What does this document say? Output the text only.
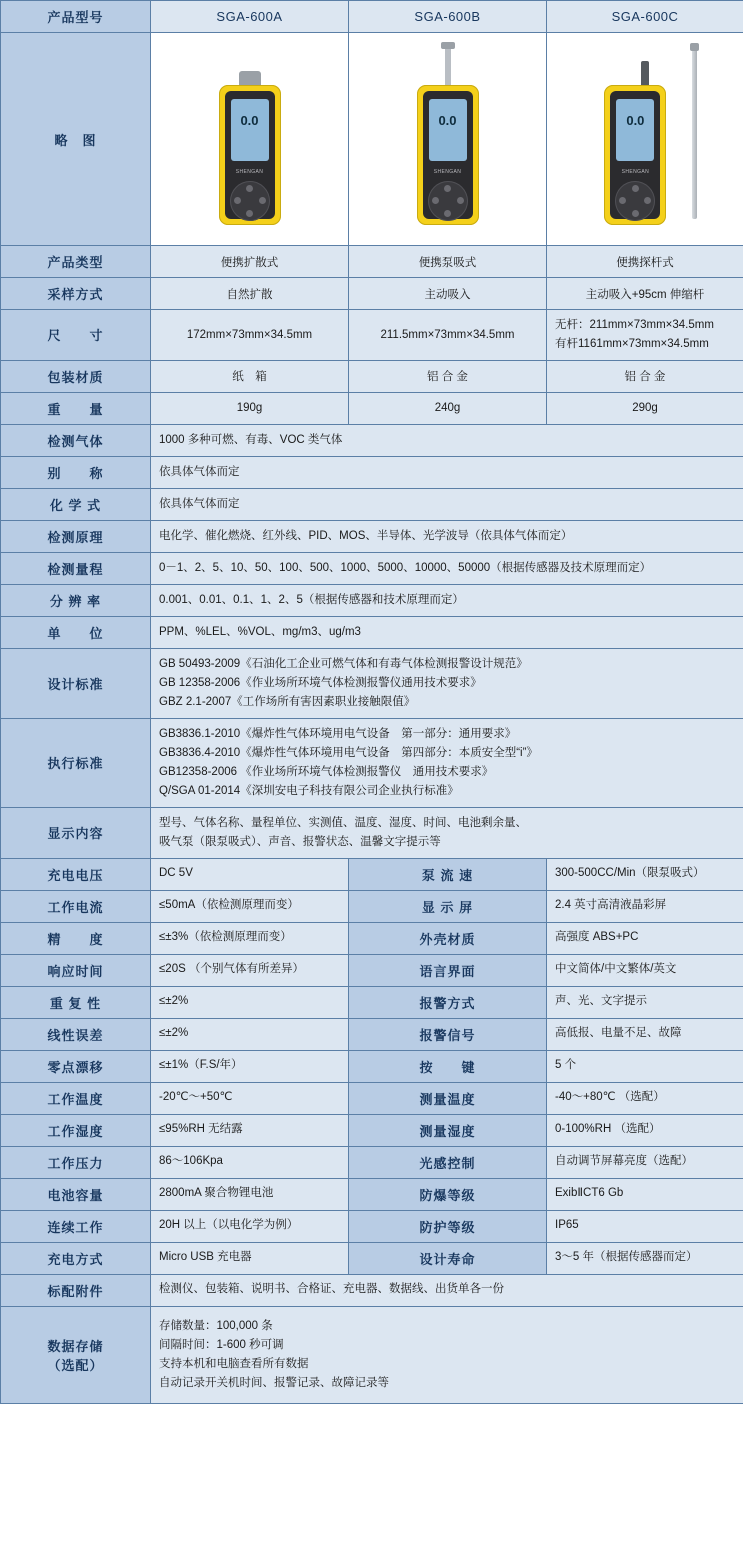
产品型号	SGA-600A	SGA-600B	SGA-600C
略　图	
0.0
SHENGAN

0.0
SHENGAN

0.0
SHENGAN

产品类型	便携扩散式	便携泵吸式	便携探杆式
采样方式	自然扩散	主动吸入	主动吸入+95cm 伸缩杆
尺　　寸	172mm×73mm×34.5mm	211.5mm×73mm×34.5mm	无杆：211mm×73mm×34.5mm
有杆1161mm×73mm×34.5mm

包装材质	纸　箱	铝 合 金	铝 合 金
重　　量	190g	240g	290g
检测气体	1000 多种可燃、有毒、VOC 类气体		

别　　称	依具体气体而定		

化 学 式	依具体气体而定		

检测原理	电化学、催化燃烧、红外线、PID、MOS、半导体、光学波导（依具体气体而定）		

检测量程	0－1、2、5、10、50、100、500、1000、5000、10000、50000（根据传感器及技术原理而定）		

分 辨 率	0.001、0.01、0.1、1、2、5（根据传感器和技术原理而定）		

单　　位	PPM、%LEL、%VOL、mg/m3、ug/m3		

设计标准	GB 50493-2009《石油化工企业可燃气体和有毒气体检测报警设计规范》
GB 12358-2006《作业场所环境气体检测报警仪通用技术要求》
GBZ 2.1-2007《工作场所有害因素职业接触限值》		

执行标准	GB3836.1-2010《爆炸性气体环境用电气设备　第一部分：通用要求》
GB3836.4-2010《爆炸性气体环境用电气设备　第四部分：本质安全型“i”》
GB12358-2006 《作业场所环境气体检测报警仪　通用技术要求》
Q/SGA 01-2014《深圳安电子科技有限公司企业执行标准》		

显示内容	型号、气体名称、量程单位、实测值、温度、湿度、时间、电池剩余量、
吸气泵（限泵吸式）、声音、报警状态、温馨文字提示等		

充电电压	DC 5V	泵 流 速	300-500CC/Min（限泵吸式）
工作电流	≤50mA（依检测原理而变）	显 示 屏	2.4 英寸高清液晶彩屏
精　　度	≤±3%（依检测原理而变）	外壳材质	高强度 ABS+PC
响应时间	≤20S （个别气体有所差异）	语言界面	中文简体/中文繁体/英文
重 复 性	≤±2%	报警方式	声、光、文字提示
线性误差	≤±2%	报警信号	高低报、电量不足、故障
零点漂移	≤±1%（F.S/年）	按　　键	5 个
工作温度	-20℃～+50℃	测量温度	-40～+80℃ （选配）
工作湿度	≤95%RH 无结露	测量湿度	0-100%RH （选配）
工作压力	86～106Kpa	光感控制	自动调节屏幕亮度（选配）
电池容量	2800mA 聚合物锂电池	防爆等级	ExibⅡCT6 Gb
连续工作	20H 以上（以电化学为例）	防护等级	IP65
充电方式	Micro USB 充电器	设计寿命	3～5 年（根据传感器而定）
标配附件	检测仪、包装箱、说明书、合格证、充电器、数据线、出货单各一份		

数据存储
（选配）	存储数量：100,000 条
间隔时间：1-600 秒可调
支持本机和电脑查看所有数据
自动记录开关机时间、报警记录、故障记录等		
